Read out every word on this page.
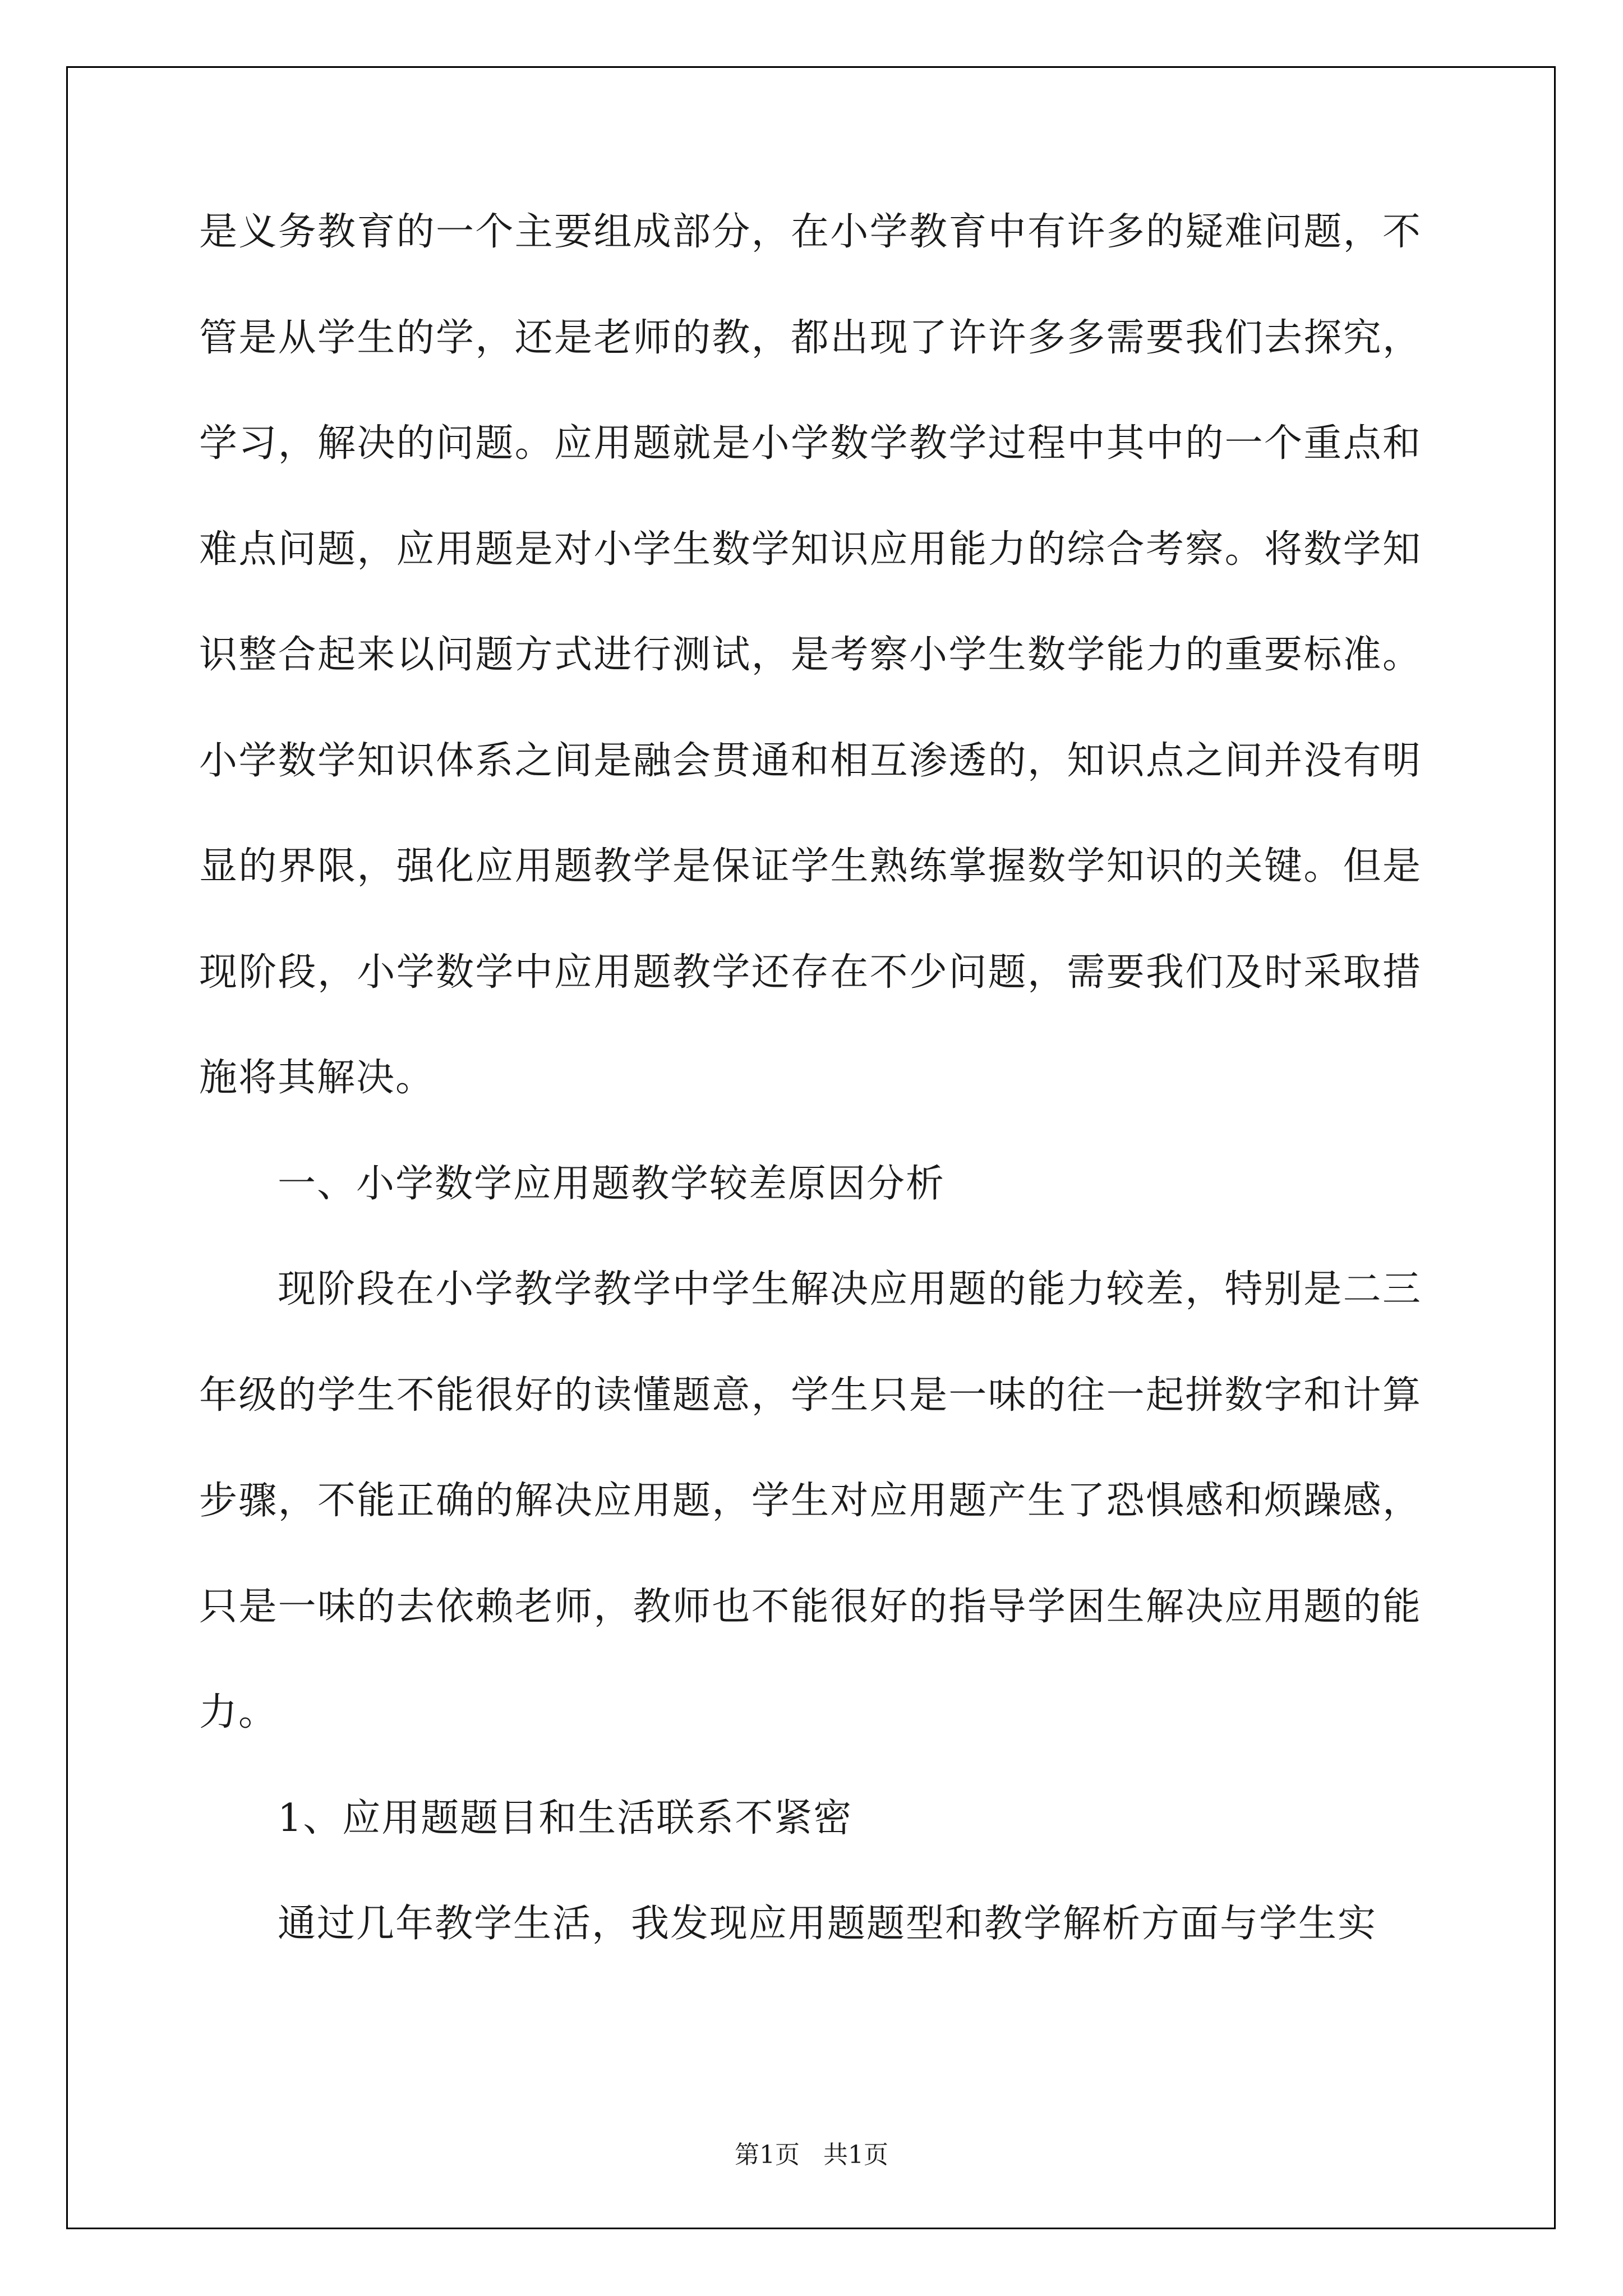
是义务教育的一个主要组成部分，在小学教育中有许多的疑难问题，不管是从学生的学，还是老师的教，都出现了许许多多需要我们去探究，学习，解决的问题。应用题就是小学数学教学过程中其中的一个重点和难点问题，应用题是对小学生数学知识应用能力的综合考察。将数学知识整合起来以问题方式进行测试，是考察小学生数学能力的重要标准。小学数学知识体系之间是融会贯通和相互渗透的，知识点之间并没有明显的界限，强化应用题教学是保证学生熟练掌握数学知识的关键。但是现阶段，小学数学中应用题教学还存在不少问题，需要我们及时采取措施将其解决。

一、小学数学应用题教学较差原因分析

现阶段在小学教学教学中学生解决应用题的能力较差，特别是二三年级的学生不能很好的读懂题意，学生只是一味的往一起拼数字和计算步骤，不能正确的解决应用题，学生对应用题产生了恐惧感和烦躁感，只是一味的去依赖老师，教师也不能很好的指导学困生解决应用题的能力。

1、应用题题目和生活联系不紧密

通过几年教学生活，我发现应用题题型和教学解析方面与学生实

第1页 共1页
